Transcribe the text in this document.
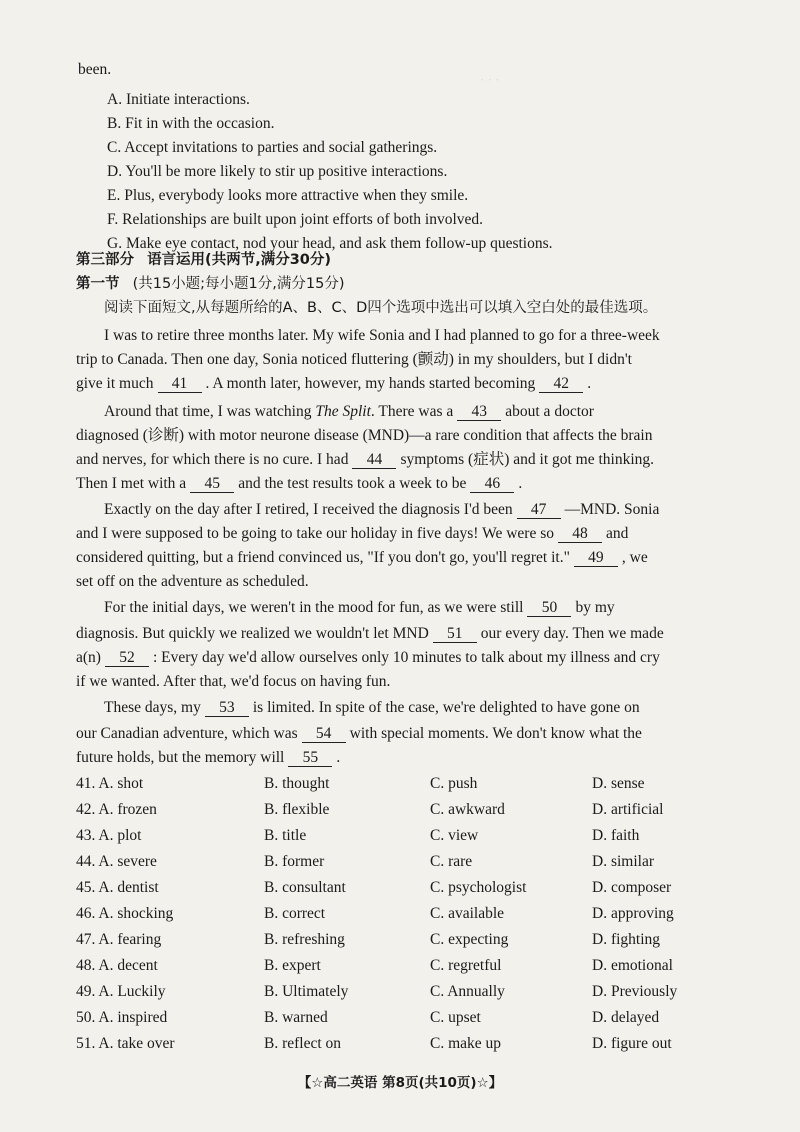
· · ·
been.
A. Initiate interactions.
B. Fit in with the occasion.
C. Accept invitations to parties and social gatherings.
D. You'll be more likely to stir up positive interactions.
E. Plus, everybody looks more attractive when they smile.
F. Relationships are built upon joint efforts of both involved.
G. Make eye contact, nod your head, and ask them follow-up questions.
第三部分 语言运用(共两节,满分30分)
第一节 (共15小题;每小题1分,满分15分)
阅读下面短文,从每题所给的A、B、C、D四个选项中选出可以填入空白处的最佳选项。
I was to retire three months later. My wife Sonia and I had planned to go for a three-week
trip to Canada. Then one day, Sonia noticed fluttering (颤动) in my shoulders, but I didn't
give it much 41 . A month later, however, my hands started becoming 42 .
Around that time, I was watching The Split. There was a 43 about a doctor
diagnosed (诊断) with motor neurone disease (MND)—a rare condition that affects the brain
and nerves, for which there is no cure. I had 44 symptoms (症状) and it got me thinking.
Then I met with a 45 and the test results took a week to be 46 .
Exactly on the day after I retired, I received the diagnosis I'd been 47 —MND. Sonia
and I were supposed to be going to take our holiday in five days! We were so 48 and
considered quitting, but a friend convinced us, "If you don't go, you'll regret it." 49 , we
set off on the adventure as scheduled.
For the initial days, we weren't in the mood for fun, as we were still 50 by my
diagnosis. But quickly we realized we wouldn't let MND 51 our every day. Then we made
a(n) 52 : Every day we'd allow ourselves only 10 minutes to talk about my illness and cry
if we wanted. After that, we'd focus on having fun.
These days, my 53 is limited. In spite of the case, we're delighted to have gone on
our Canadian adventure, which was 54 with special moments. We don't know what the
future holds, but the memory will 55 .
41. A. shot	B. thought	C. push	D. sense
42. A. frozen	B. flexible	C. awkward	D. artificial
43. A. plot	B. title	C. view	D. faith
44. A. severe	B. former	C. rare	D. similar
45. A. dentist	B. consultant	C. psychologist	D. composer
46. A. shocking	B. correct	C. available	D. approving
47. A. fearing	B. refreshing	C. expecting	D. fighting
48. A. decent	B. expert	C. regretful	D. emotional
49. A. Luckily	B. Ultimately	C. Annually	D. Previously
50. A. inspired	B. warned	C. upset	D. delayed
51. A. take over	B. reflect on	C. make up	D. figure out
【☆高二英语 第8页(共10页)☆】
